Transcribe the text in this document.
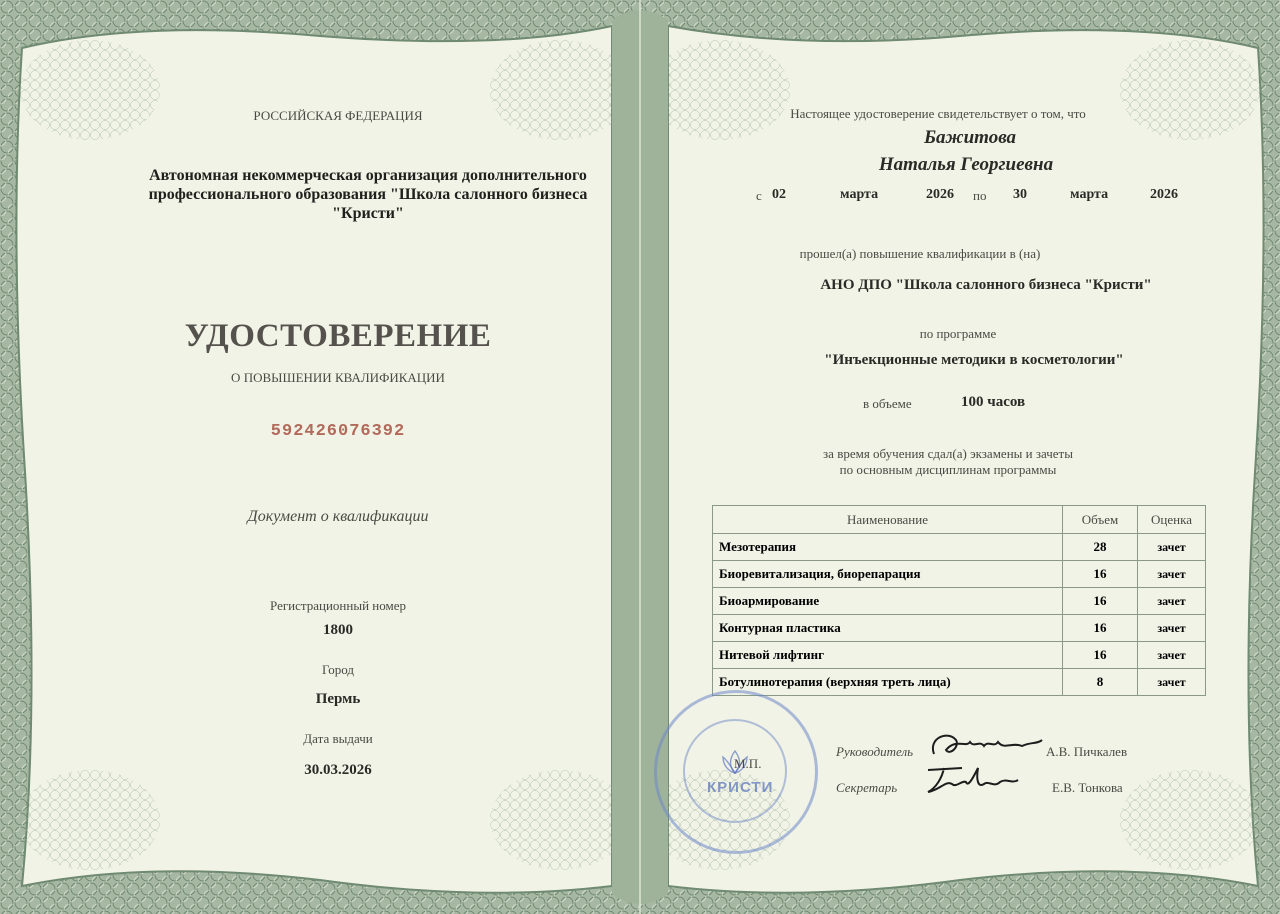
РОССИЙСКАЯ ФЕДЕРАЦИЯ
Автономная некоммерческая организация дополнительного профессионального образования "Школа салонного бизнеса "Кристи"
УДОСТОВЕРЕНИЕ
О ПОВЫШЕНИИ КВАЛИФИКАЦИИ
592426076392
Документ о квалификации
Регистрационный номер
1800
Город
Пермь
Дата выдачи
30.03.2026
Настоящее удостоверение свидетельствует о том, что
Бажитова
Наталья Георгиевна
с 02	марта	2026 по 30	марта	2026
прошел(а) повышение квалификации в (на)
АНО ДПО "Школа салонного бизнеса "Кристи"
по программе
"Инъекционные методики в косметологии"
в объеме	100 часов
за время обучения сдал(а) экзамены и зачеты
по основным дисциплинам программы
Наименование	Объем	Оценка
Мезотерапия	28	зачет
Биоревитализация, биорепарация	16	зачет
Биоармирование	16	зачет
Контурная пластика	16	зачет
Нитевой лифтинг	16	зачет
Ботулинотерапия (верхняя треть лица)	8	зачет
КРИСТИ
М.П.
Руководитель	А.В. Пичкалев
Секретарь	Е.В. Тонкова
